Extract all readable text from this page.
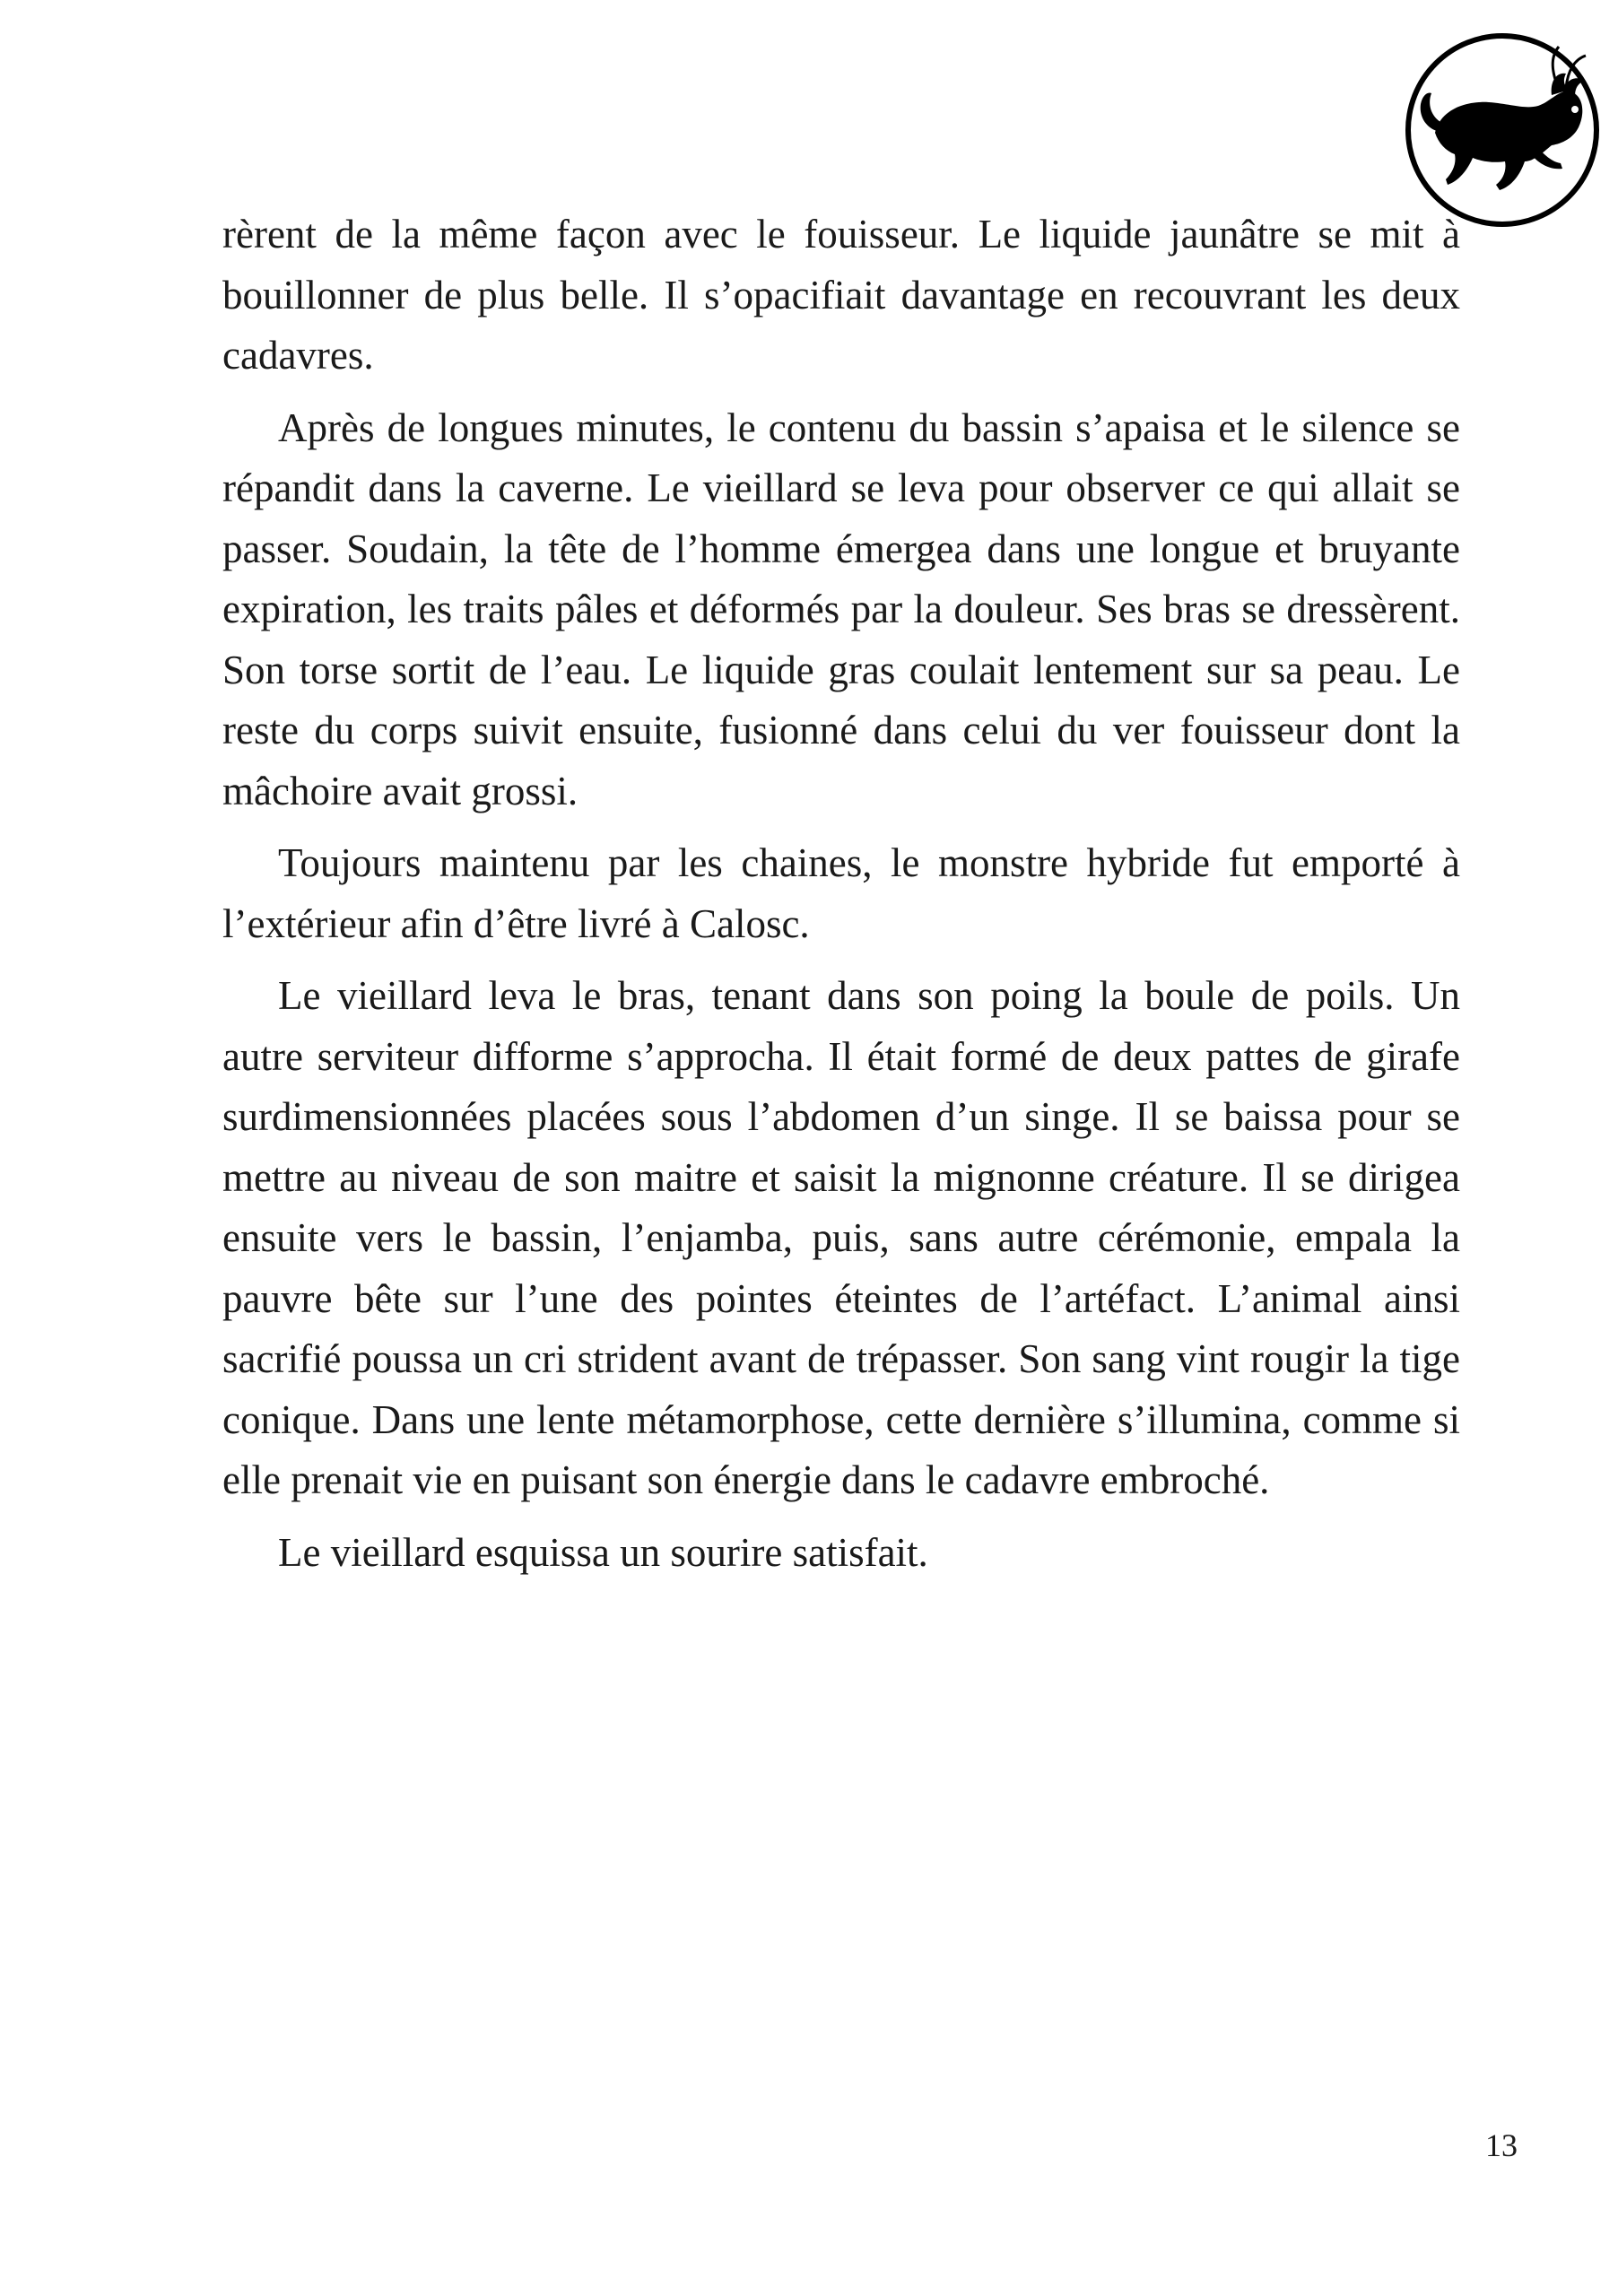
rèrent de la même façon avec le fouisseur. Le liquide jaunâtre se mit à bouillonner de plus belle. Il s’opacifiait davantage en recouvrant les deux cadavres.

Après de longues minutes, le contenu du bassin s’apaisa et le silence se répandit dans la caverne. Le vieillard se leva pour observer ce qui allait se passer. Soudain, la tête de l’homme émergea dans une longue et bruyante expiration, les traits pâles et déformés par la douleur. Ses bras se dressèrent. Son torse sortit de l’eau. Le liquide gras coulait lentement sur sa peau. Le reste du corps suivit ensuite, fusionné dans celui du ver fouisseur dont la mâchoire avait grossi.

Toujours maintenu par les chaines, le monstre hybride fut emporté à l’extérieur afin d’être livré à Calosc.

Le vieillard leva le bras, tenant dans son poing la boule de poils. Un autre serviteur difforme s’approcha. Il était formé de deux pattes de girafe surdimensionnées placées sous l’abdomen d’un singe. Il se baissa pour se mettre au niveau de son maitre et saisit la mignonne créature. Il se dirigea ensuite vers le bassin, l’enjamba, puis, sans autre cérémonie, empala la pauvre bête sur l’une des pointes éteintes de l’artéfact. L’animal ainsi sacrifié poussa un cri strident avant de trépasser. Son sang vint rougir la tige conique. Dans une lente métamorphose, cette dernière s’illumina, comme si elle prenait vie en puisant son énergie dans le cadavre embroché.

Le vieillard esquissa un sourire satisfait.

13
